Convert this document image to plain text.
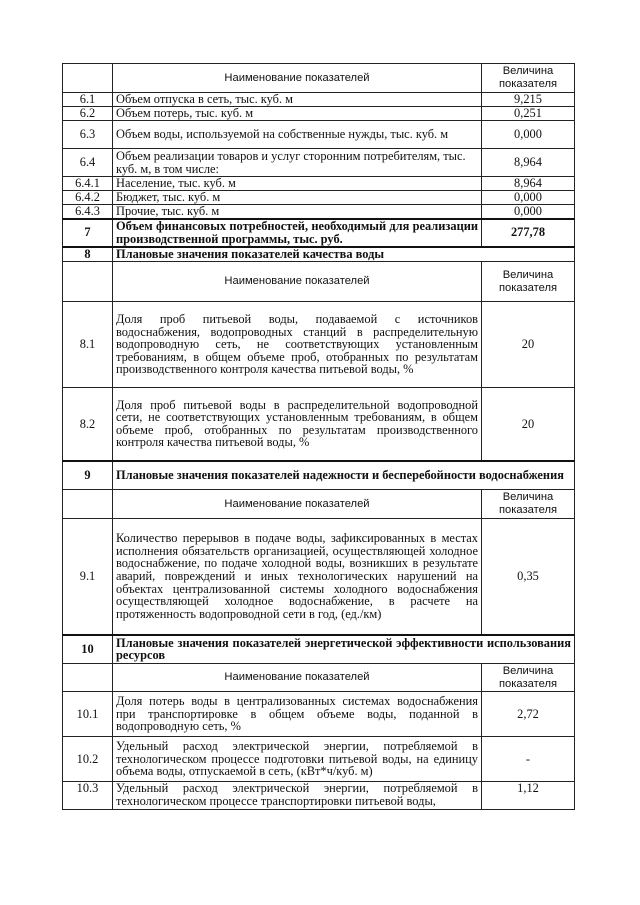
	Наименование показателей	Величина показателя
6.1	Объем отпуска в сеть, тыс. куб. м	9,215
6.2	Объем потерь, тыс. куб. м	0,251
6.3	Объем воды, используемой на собственные нужды, тыс. куб. м	0,000
6.4	Объем реализации товаров и услуг сторонним потребителям, тыс. куб. м, в том числе:	8,964
6.4.1	Население, тыс. куб. м	8,964
6.4.2	Бюджет, тыс. куб. м	0,000
6.4.3	Прочие, тыс. куб. м	0,000
7	Объем финансовых потребностей, необходимый для реализации производственной программы, тыс. руб.	277,78
8	Плановые значения показателей качества воды	
	Наименование показателей	Величина показателя
8.1	Доля проб питьевой воды, подаваемой с источников водоснабжения, водопроводных станций в распределительную водопроводную сеть, не соответствующих установленным требованиям, в общем объеме проб, отобранных по результатам производственного контроля качества питьевой воды, %	20
8.2	Доля проб питьевой воды в распределительной водопроводной сети, не соответствующих установленным требованиям, в общем объеме проб, отобранных по результатам производственного контроля качества питьевой воды, %	20
9	Плановые значения показателей надежности и бесперебойности водоснабжения	
	Наименование показателей	Величина показателя
9.1	Количество перерывов в подаче воды, зафиксированных в местах исполнения обязательств организацией, осуществляющей холодное водоснабжение, по подаче холодной воды, возникших в результате аварий, повреждений и иных технологических нарушений на объектах централизованной системы холодного водоснабжения осуществляющей холодное водоснабжение, в расчете на протяженность водопроводной сети в год, (ед./км)	0,35
10	Плановые значения показателей энергетической эффективности использования ресурсов	
	Наименование показателей	Величина показателя
10.1	Доля потерь воды в централизованных системах водоснабжения при транспортировке в общем объеме воды, поданной в водопроводную сеть, %	2,72
10.2	Удельный расход электрической энергии, потребляемой в технологическом процессе подготовки питьевой воды, на единицу объема воды, отпускаемой в сеть, (кВт*ч/куб. м)	-
10.3	Удельный расход электрической энергии, потребляемой в технологическом процессе транспортировки питьевой воды,	1,12
